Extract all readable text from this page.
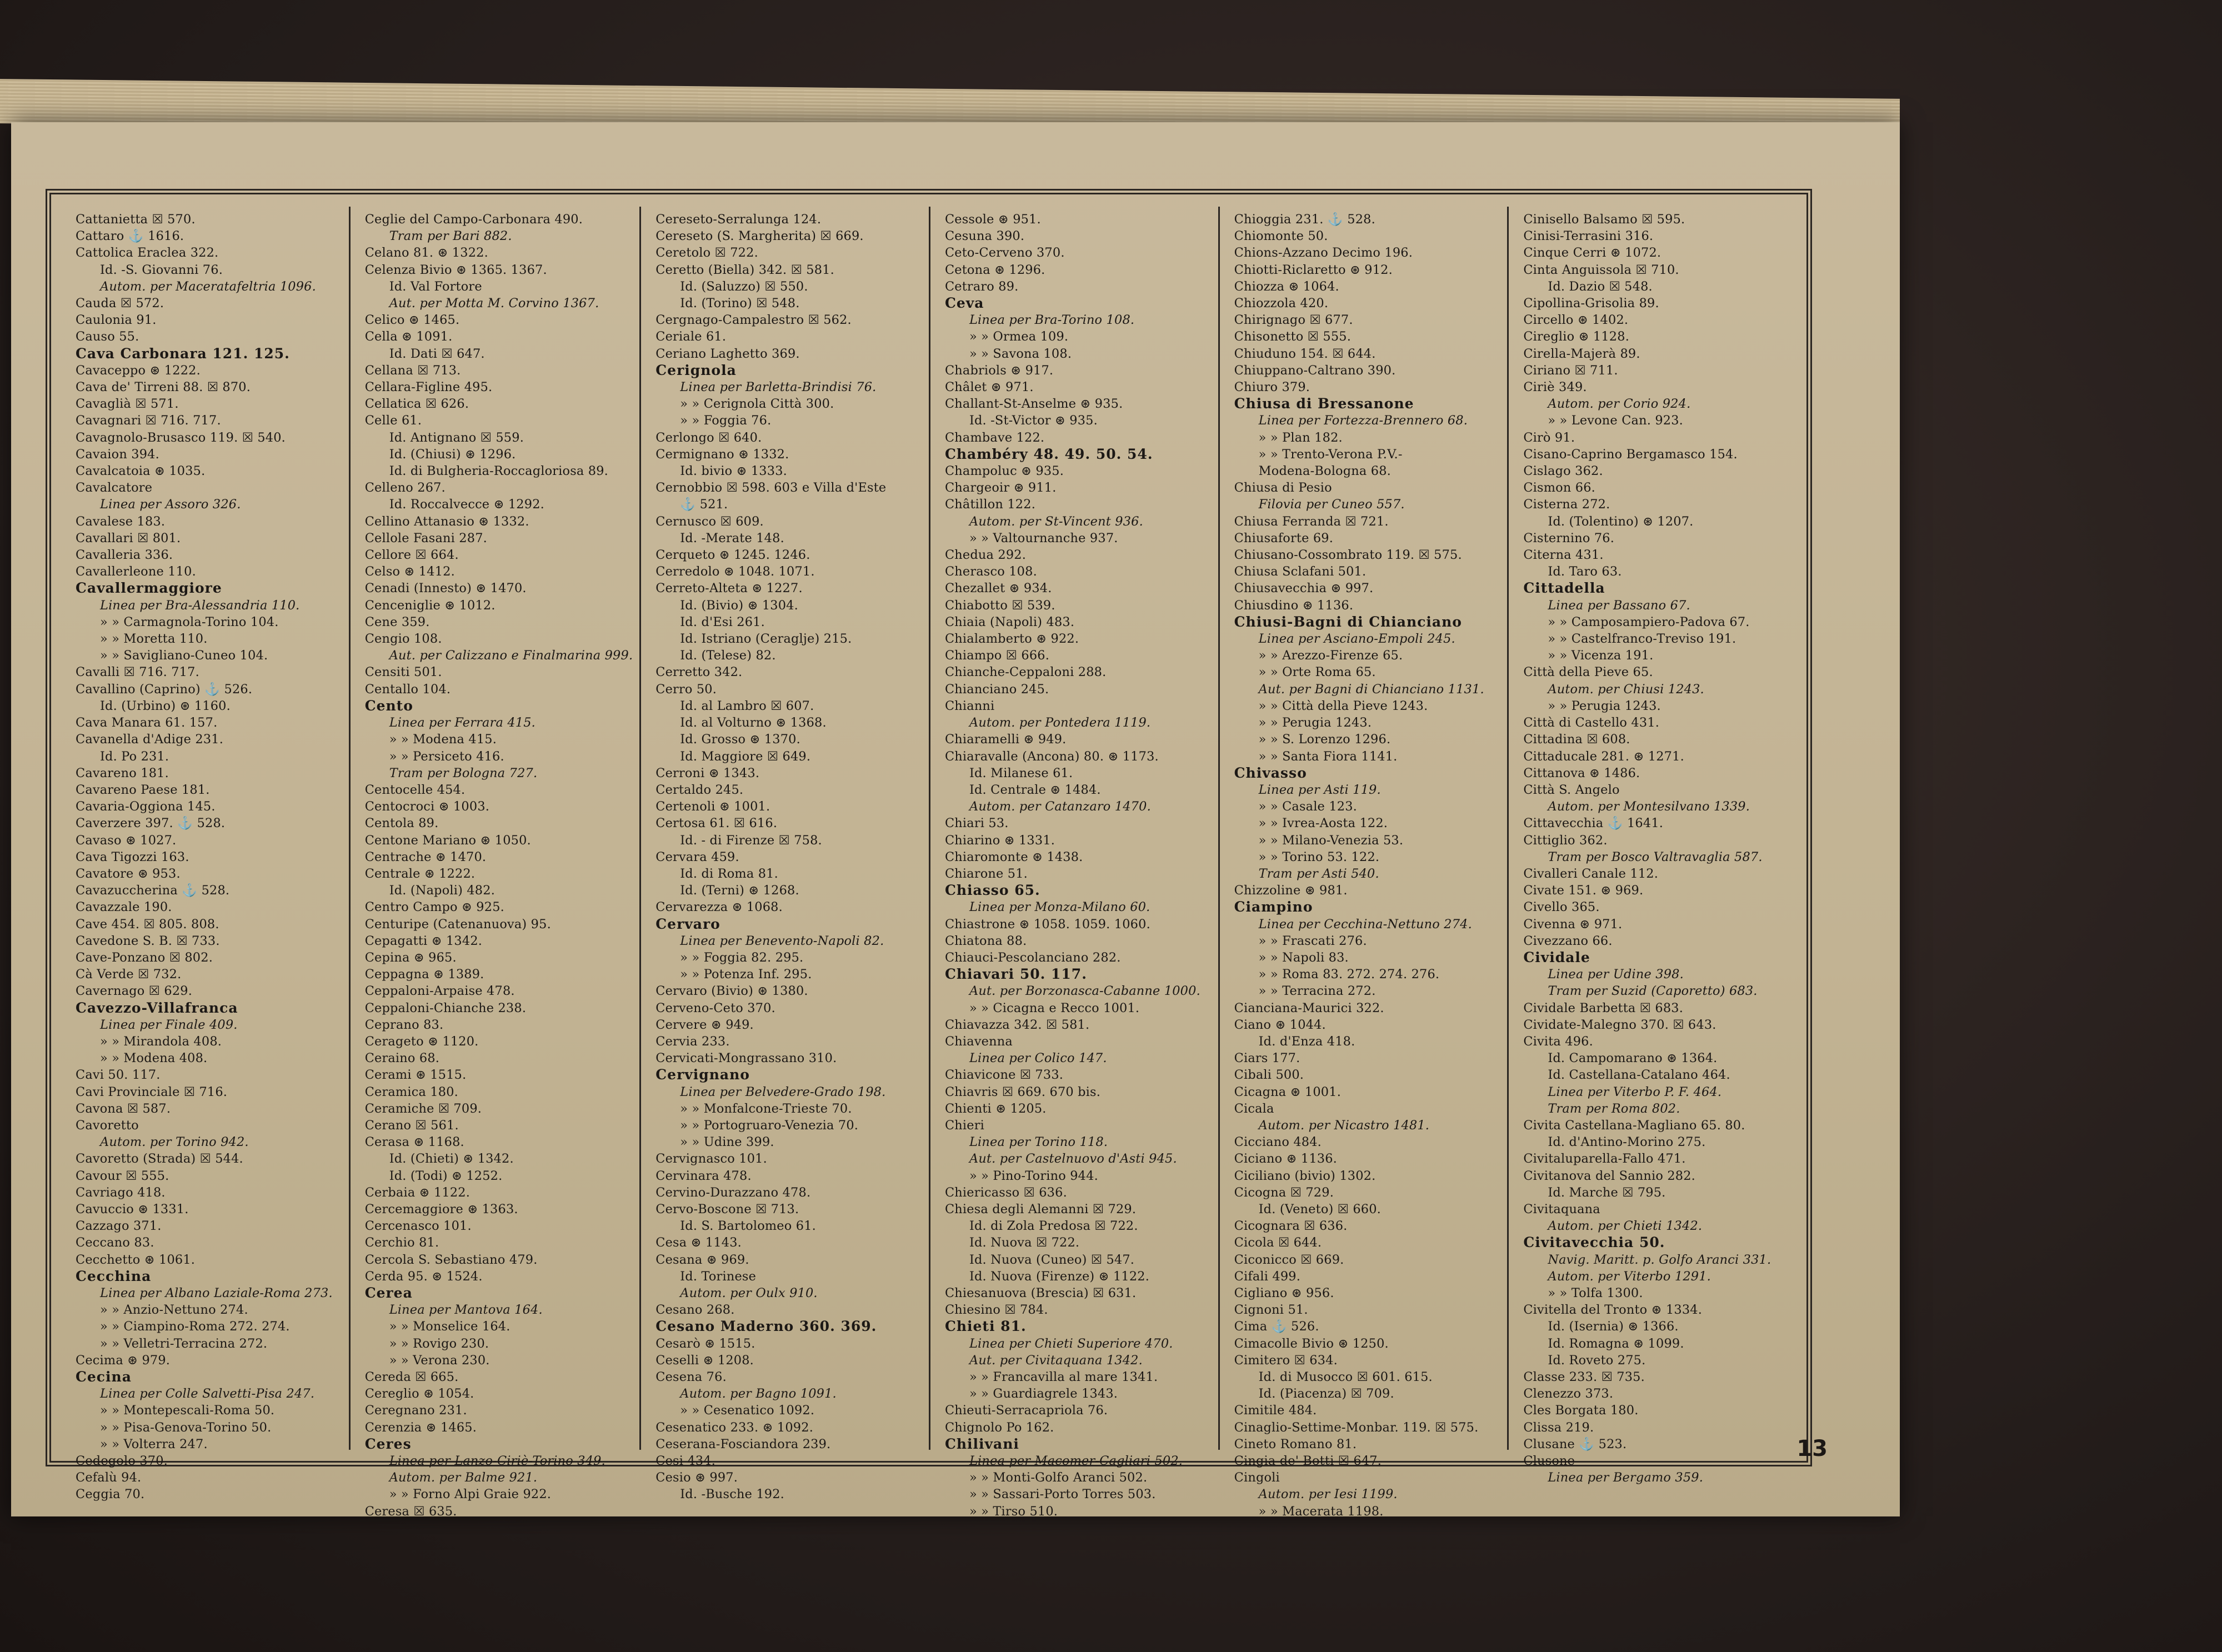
Cattanietta ☒ 570.
Cattaro ⚓ 1616.
Cattolica Eraclea 322.
Id. -S. Giovanni 76.
Autom. per Maceratafeltria 1096.
Cauda ☒ 572.
Caulonia 91.
Causo 55.
Cava Carbonara 121. 125.
Cavaceppo ⊛ 1222.
Cava de' Tirreni 88. ☒ 870.
Cavaglià ☒ 571.
Cavagnari ☒ 716. 717.
Cavagnolo-Brusasco 119. ☒ 540.
Cavaion 394.
Cavalcatoia ⊛ 1035.
Cavalcatore
Linea per Assoro 326.
Cavalese 183.
Cavallari ☒ 801.
Cavalleria 336.
Cavallerleone 110.
Cavallermaggiore
Linea per Bra-Alessandria 110.
» » Carmagnola-Torino 104.
» » Moretta 110.
» » Savigliano-Cuneo 104.
Cavalli ☒ 716. 717.
Cavallino (Caprino) ⚓ 526.
Id. (Urbino) ⊛ 1160.
Cava Manara 61. 157.
Cavanella d'Adige 231.
Id. Po 231.
Cavareno 181.
Cavareno Paese 181.
Cavaria-Oggiona 145.
Caverzere 397. ⚓ 528.
Cavaso ⊛ 1027.
Cava Tigozzi 163.
Cavatore ⊛ 953.
Cavazuccherina ⚓ 528.
Cavazzale 190.
Cave 454. ☒ 805. 808.
Cavedone S. B. ☒ 733.
Cave-Ponzano ☒ 802.
Cà Verde ☒ 732.
Cavernago ☒ 629.
Cavezzo-Villafranca
Linea per Finale 409.
» » Mirandola 408.
» » Modena 408.
Cavi 50. 117.
Cavi Provinciale ☒ 716.
Cavona ☒ 587.
Cavoretto
Autom. per Torino 942.
Cavoretto (Strada) ☒ 544.
Cavour ☒ 555.
Cavriago 418.
Cavuccio ⊛ 1331.
Cazzago 371.
Ceccano 83.
Cecchetto ⊛ 1061.
Cecchina
Linea per Albano Laziale-Roma 273.
» » Anzio-Nettuno 274.
» » Ciampino-Roma 272. 274.
» » Velletri-Terracina 272.
Cecima ⊛ 979.
Cecina
Linea per Colle Salvetti-Pisa 247.
» » Montepescali-Roma 50.
» » Pisa-Genova-Torino 50.
» » Volterra 247.
Cedegolo 370.
Cefalù 94.
Ceggia 70.
Ceglie del Campo-Carbonara 490.
Tram per Bari 882.
Celano 81. ⊛ 1322.
Celenza Bivio ⊛ 1365. 1367.
Id. Val Fortore
Aut. per Motta M. Corvino 1367.
Celico ⊛ 1465.
Cella ⊛ 1091.
Id. Dati ☒ 647.
Cellana ☒ 713.
Cellara-Figline 495.
Cellatica ☒ 626.
Celle 61.
Id. Antignano ☒ 559.
Id. (Chiusi) ⊛ 1296.
Id. di Bulgheria-Roccagloriosa 89.
Celleno 267.
Id. Roccalvecce ⊛ 1292.
Cellino Attanasio ⊛ 1332.
Cellole Fasani 287.
Cellore ☒ 664.
Celso ⊛ 1412.
Cenadi (Innesto) ⊛ 1470.
Cenceniglie ⊛ 1012.
Cene 359.
Cengio 108.
Aut. per Calizzano e Finalmarina 999.
Censiti 501.
Centallo 104.
Cento
Linea per Ferrara 415.
» » Modena 415.
» » Persiceto 416.
Tram per Bologna 727.
Centocelle 454.
Centocroci ⊛ 1003.
Centola 89.
Centone Mariano ⊛ 1050.
Centrache ⊛ 1470.
Centrale ⊛ 1222.
Id. (Napoli) 482.
Centro Campo ⊛ 925.
Centuripe (Catenanuova) 95.
Cepagatti ⊛ 1342.
Cepina ⊛ 965.
Ceppagna ⊛ 1389.
Ceppaloni-Arpaise 478.
Ceppaloni-Chianche 238.
Ceprano 83.
Cerageto ⊛ 1120.
Ceraino 68.
Cerami ⊛ 1515.
Ceramica 180.
Ceramiche ☒ 709.
Cerano ☒ 561.
Cerasa ⊛ 1168.
Id. (Chieti) ⊛ 1342.
Id. (Todi) ⊛ 1252.
Cerbaia ⊛ 1122.
Cercemaggiore ⊛ 1363.
Cercenasco 101.
Cerchio 81.
Cercola S. Sebastiano 479.
Cerda 95. ⊛ 1524.
Cerea
Linea per Mantova 164.
» » Monselice 164.
» » Rovigo 230.
» » Verona 230.
Cereda ☒ 665.
Cereglio ⊛ 1054.
Ceregnano 231.
Cerenzia ⊛ 1465.
Ceres
Linea per Lanzo-Ciriè-Torino 349.
Autom. per Balme 921.
» » Forno Alpi Graie 922.
Ceresa ☒ 635.
Cereseto-Serralunga 124.
Cereseto (S. Margherita) ☒ 669.
Ceretolo ☒ 722.
Ceretto (Biella) 342. ☒ 581.
Id. (Saluzzo) ☒ 550.
Id. (Torino) ☒ 548.
Cergnago-Campalestro ☒ 562.
Ceriale 61.
Ceriano Laghetto 369.
Cerignola
Linea per Barletta-Brindisi 76.
» » Cerignola Città 300.
» » Foggia 76.
Cerlongo ☒ 640.
Cermignano ⊛ 1332.
Id. bivio ⊛ 1333.
Cernobbio ☒ 598. 603 e Villa d'Este
⚓ 521.
Cernusco ☒ 609.
Id. -Merate 148.
Cerqueto ⊛ 1245. 1246.
Cerredolo ⊛ 1048. 1071.
Cerreto-Alteta ⊛ 1227.
Id. (Bivio) ⊛ 1304.
Id. d'Esi 261.
Id. Istriano (Ceraglje) 215.
Id. (Telese) 82.
Cerretto 342.
Cerro 50.
Id. al Lambro ☒ 607.
Id. al Volturno ⊛ 1368.
Id. Grosso ⊛ 1370.
Id. Maggiore ☒ 649.
Cerroni ⊛ 1343.
Certaldo 245.
Certenoli ⊛ 1001.
Certosa 61. ☒ 616.
Id. - di Firenze ☒ 758.
Cervara 459.
Id. di Roma 81.
Id. (Terni) ⊛ 1268.
Cervarezza ⊛ 1068.
Cervaro
Linea per Benevento-Napoli 82.
» » Foggia 82. 295.
» » Potenza Inf. 295.
Cervaro (Bivio) ⊛ 1380.
Cerveno-Ceto 370.
Cervere ⊛ 949.
Cervia 233.
Cervicati-Mongrassano 310.
Cervignano
Linea per Belvedere-Grado 198.
» » Monfalcone-Trieste 70.
» » Portogruaro-Venezia 70.
» » Udine 399.
Cervignasco 101.
Cervinara 478.
Cervino-Durazzano 478.
Cervo-Boscone ☒ 713.
Id. S. Bartolomeo 61.
Cesa ⊛ 1143.
Cesana ⊛ 969.
Id. Torinese
Autom. per Oulx 910.
Cesano 268.
Cesano Maderno 360. 369.
Cesarò ⊛ 1515.
Ceselli ⊛ 1208.
Cesena 76.
Autom. per Bagno 1091.
» » Cesenatico 1092.
Cesenatico 233. ⊛ 1092.
Ceserana-Fosciandora 239.
Cesi 434.
Cesio ⊛ 997.
Id. -Busche 192.
Cessole ⊛ 951.
Cesuna 390.
Ceto-Cerveno 370.
Cetona ⊛ 1296.
Cetraro 89.
Ceva
Linea per Bra-Torino 108.
» » Ormea 109.
» » Savona 108.
Chabriols ⊛ 917.
Châlet ⊛ 971.
Challant-St-Anselme ⊛ 935.
Id. -St-Victor ⊛ 935.
Chambave 122.
Chambéry 48. 49. 50. 54.
Champoluc ⊛ 935.
Chargeoir ⊛ 911.
Châtillon 122.
Autom. per St-Vincent 936.
» » Valtournanche 937.
Chedua 292.
Cherasco 108.
Chezallet ⊛ 934.
Chiabotto ☒ 539.
Chiaia (Napoli) 483.
Chialamberto ⊛ 922.
Chiampo ☒ 666.
Chianche-Ceppaloni 288.
Chianciano 245.
Chianni
Autom. per Pontedera 1119.
Chiaramelli ⊛ 949.
Chiaravalle (Ancona) 80. ⊛ 1173.
Id. Milanese 61.
Id. Centrale ⊛ 1484.
Autom. per Catanzaro 1470.
Chiari 53.
Chiarino ⊛ 1331.
Chiaromonte ⊛ 1438.
Chiarone 51.
Chiasso 65.
Linea per Monza-Milano 60.
Chiastrone ⊛ 1058. 1059. 1060.
Chiatona 88.
Chiauci-Pescolanciano 282.
Chiavari 50. 117.
Aut. per Borzonasca-Cabanne 1000.
» » Cicagna e Recco 1001.
Chiavazza 342. ☒ 581.
Chiavenna
Linea per Colico 147.
Chiavicone ☒ 733.
Chiavris ☒ 669. 670 bis.
Chienti ⊛ 1205.
Chieri
Linea per Torino 118.
Aut. per Castelnuovo d'Asti 945.
» » Pino-Torino 944.
Chiericasso ☒ 636.
Chiesa degli Alemanni ☒ 729.
Id. di Zola Predosa ☒ 722.
Id. Nuova ☒ 722.
Id. Nuova (Cuneo) ☒ 547.
Id. Nuova (Firenze) ⊛ 1122.
Chiesanuova (Brescia) ☒ 631.
Chiesino ☒ 784.
Chieti 81.
Linea per Chieti Superiore 470.
Aut. per Civitaquana 1342.
» » Francavilla al mare 1341.
» » Guardiagrele 1343.
Chieuti-Serracapriola 76.
Chignolo Po 162.
Chilivani
Linea per Macomer-Cagliari 502.
» » Monti-Golfo Aranci 502.
» » Sassari-Porto Torres 503.
» » Tirso 510.
Chioggia 231. ⚓ 528.
Chiomonte 50.
Chions-Azzano Decimo 196.
Chiotti-Riclaretto ⊛ 912.
Chiozza ⊛ 1064.
Chiozzola 420.
Chirignago ☒ 677.
Chisonetto ☒ 555.
Chiuduno 154. ☒ 644.
Chiuppano-Caltrano 390.
Chiuro 379.
Chiusa di Bressanone
Linea per Fortezza-Brennero 68.
» » Plan 182.
» » Trento-Verona P.V.-
Modena-Bologna 68.
Chiusa di Pesio
Filovia per Cuneo 557.
Chiusa Ferranda ☒ 721.
Chiusaforte 69.
Chiusano-Cossombrato 119. ☒ 575.
Chiusa Sclafani 501.
Chiusavecchia ⊛ 997.
Chiusdino ⊛ 1136.
Chiusi-Bagni di Chianciano
Linea per Asciano-Empoli 245.
» » Arezzo-Firenze 65.
» » Orte Roma 65.
Aut. per Bagni di Chianciano 1131.
» » Città della Pieve 1243.
» » Perugia 1243.
» » S. Lorenzo 1296.
» » Santa Fiora 1141.
Chivasso
Linea per Asti 119.
» » Casale 123.
» » Ivrea-Aosta 122.
» » Milano-Venezia 53.
» » Torino 53. 122.
Tram per Asti 540.
Chizzoline ⊛ 981.
Ciampino
Linea per Cecchina-Nettuno 274.
» » Frascati 276.
» » Napoli 83.
» » Roma 83. 272. 274. 276.
» » Terracina 272.
Cianciana-Maurici 322.
Ciano ⊛ 1044.
Id. d'Enza 418.
Ciars 177.
Cibali 500.
Cicagna ⊛ 1001.
Cicala
Autom. per Nicastro 1481.
Cicciano 484.
Ciciano ⊛ 1136.
Ciciliano (bivio) 1302.
Cicogna ☒ 729.
Id. (Veneto) ☒ 660.
Cicognara ☒ 636.
Cicola ☒ 644.
Ciconicco ☒ 669.
Cifali 499.
Cigliano ⊛ 956.
Cignoni 51.
Cima ⚓ 526.
Cimacolle Bivio ⊛ 1250.
Cimitero ☒ 634.
Id. di Musocco ☒ 601. 615.
Id. (Piacenza) ☒ 709.
Cimitile 484.
Cinaglio-Settime-Monbar. 119. ☒ 575.
Cineto Romano 81.
Cingia de' Botti ☒ 647.
Cingoli
Autom. per Iesi 1199.
» » Macerata 1198.
Cinisello Balsamo ☒ 595.
Cinisi-Terrasini 316.
Cinque Cerri ⊛ 1072.
Cinta Anguissola ☒ 710.
Id. Dazio ☒ 548.
Cipollina-Grisolia 89.
Circello ⊛ 1402.
Cireglio ⊛ 1128.
Cirella-Majerà 89.
Ciriano ☒ 711.
Ciriè 349.
Autom. per Corio 924.
» » Levone Can. 923.
Cirò 91.
Cisano-Caprino Bergamasco 154.
Cislago 362.
Cismon 66.
Cisterna 272.
Id. (Tolentino) ⊛ 1207.
Cisternino 76.
Citerna 431.
Id. Taro 63.
Cittadella
Linea per Bassano 67.
» » Camposampiero-Padova 67.
» » Castelfranco-Treviso 191.
» » Vicenza 191.
Città della Pieve 65.
Autom. per Chiusi 1243.
» » Perugia 1243.
Città di Castello 431.
Cittadina ☒ 608.
Cittaducale 281. ⊛ 1271.
Cittanova ⊛ 1486.
Città S. Angelo
Autom. per Montesilvano 1339.
Cittavecchia ⚓ 1641.
Cittiglio 362.
Tram per Bosco Valtravaglia 587.
Civalleri Canale 112.
Civate 151. ⊛ 969.
Civello 365.
Civenna ⊛ 971.
Civezzano 66.
Cividale
Linea per Udine 398.
Tram per Suzid (Caporetto) 683.
Cividale Barbetta ☒ 683.
Cividate-Malegno 370. ☒ 643.
Civita 496.
Id. Campomarano ⊛ 1364.
Id. Castellana-Catalano 464.
Linea per Viterbo P. F. 464.
Tram per Roma 802.
Civita Castellana-Magliano 65. 80.
Id. d'Antino-Morino 275.
Civitaluparella-Fallo 471.
Civitanova del Sannio 282.
Id. Marche ☒ 795.
Civitaquana
Autom. per Chieti 1342.
Civitavecchia 50.
Navig. Maritt. p. Golfo Aranci 331.
Autom. per Viterbo 1291.
» » Tolfa 1300.
Civitella del Tronto ⊛ 1334.
Id. (Isernia) ⊛ 1366.
Id. Romagna ⊛ 1099.
Id. Roveto 275.
Classe 233. ☒ 735.
Clenezzo 373.
Cles Borgata 180.
Clissa 219.
Clusane ⚓ 523.
Clusone
Linea per Bergamo 359.
13
